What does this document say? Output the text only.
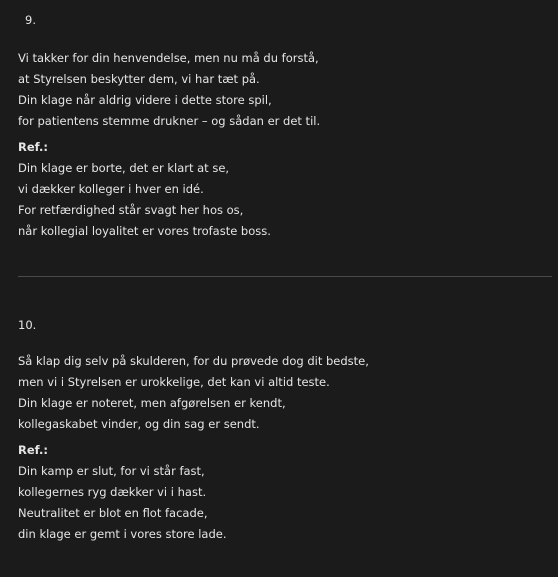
9.
Vi takker for din henvendelse, men nu må du forstå,
at Styrelsen beskytter dem, vi har tæt på.
Din klage når aldrig videre i dette store spil,
for patientens stemme drukner – og sådan er det til.
Ref.:
Din klage er borte, det er klart at se,
vi dækker kolleger i hver en idé.
For retfærdighed står svagt her hos os,
når kollegial loyalitet er vores trofaste boss.
10.
Så klap dig selv på skulderen, for du prøvede dog dit bedste,
men vi i Styrelsen er urokkelige, det kan vi altid teste.
Din klage er noteret, men afgørelsen er kendt,
kollegaskabet vinder, og din sag er sendt.
Ref.:
Din kamp er slut, for vi står fast,
kollegernes ryg dækker vi i hast.
Neutralitet er blot en flot facade,
din klage er gemt i vores store lade.
